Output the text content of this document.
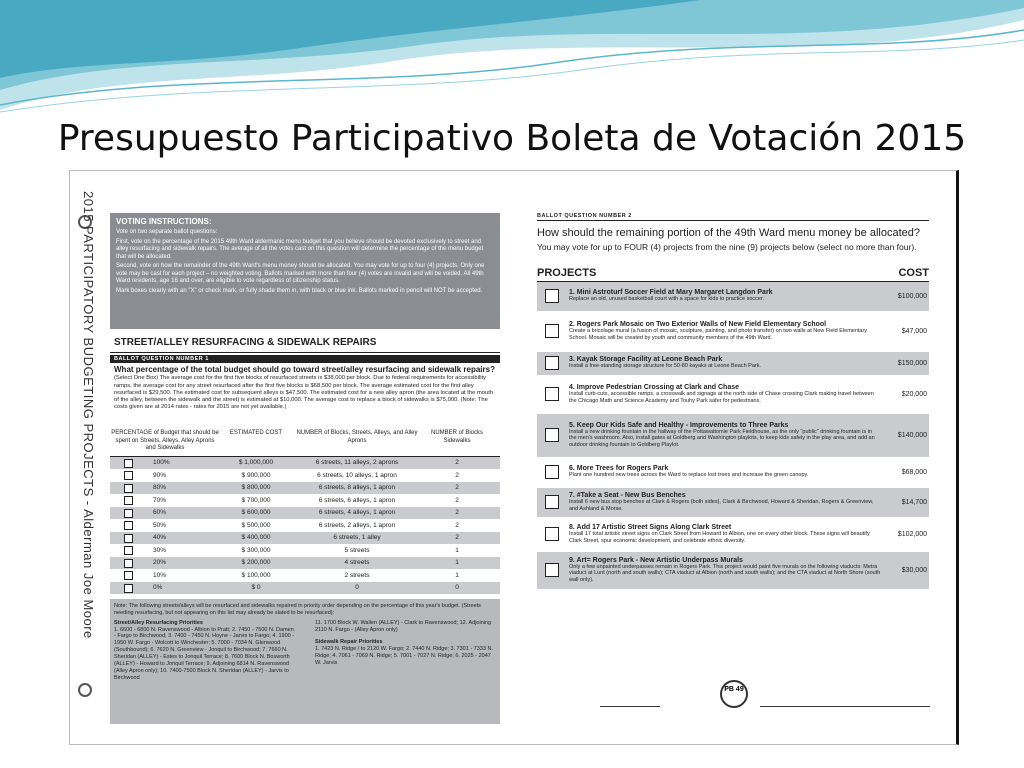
Presupuesto Participativo Boleta de Votación 2015
2015 PARTICIPATORY BUDGETING PROJECTS - Alderman Joe Moore	VOTING INSTRUCTIONS:

Vote on two separate ballot questions:

First, vote on the percentage of the 2015 49th Ward aldermanic menu budget that you believe should be devoted exclusively to street and alley resurfacing and sidewalk repairs. The average of all the votes cast on this question will determine the percentage of the menu budget that will be allocated.

Second, vote on how the remainder of the 49th Ward's menu money should be allocated. You may vote for up to four (4) projects. Only one vote may be cast for each project – no weighted voting. Ballots marked with more than four (4) votes are invalid and will be voided. All 49th Ward residents, age 16 and over, are eligible to vote regardless of citizenship status.

Mark boxes clearly with an "X" or check mark, or fully shade them in, with black or blue ink. Ballots marked in pencil will NOT be accepted.

STREET/ALLEY RESURFACING & SIDEWALK REPAIRS
BALLOT QUESTION NUMBER 1
What percentage of the total budget should go toward street/alley resurfacing and sidewalk repairs?
(Select One Box) The average cost for the first five blocks of resurfaced streets is $38,000 per block. Due to federal requirements for accessibility ramps, the average cost for any street resurfaced after the first five blocks is $68,500 per block. The average estimated cost for the first alley resurfaced is $29,500. The estimated cost for subsequent alleys is $47,500. The estimated cost for a new alley apron (the area located at the mouth of the alley, between the sidewalk and the street) is estimated at $10,000. The average cost to replace a block of sidewalks is $75,000. (Note: The costs given are at 2014 rates - rates for 2015 are not yet available.)
PERCENTAGE of Budget that should be spent on Streets, Alleys, Alley Aprons and Sidewalks
ESTIMATED COST	NUMBER of Blocks, Streets, Alleys, and Alley Aprons
NUMBER of Blocks Sidewalks
100%	$ 1,000,000	6 streets, 11 alleys, 2 aprons	2
90%	$ 900,000	6 streets, 10 alleys, 1 apron	2
80%	$ 800,000	6 streets, 8 alleys, 1 apron	2
70%	$ 700,000	6 streets, 6 alleys, 1 apron	2
60%	$ 600,000	6 streets, 4 alleys, 1 apron	2
50%	$ 500,000	6 streets, 2 alleys, 1 apron	2
40%	$ 400,000	6 streets, 1 alley	2
30%	$ 300,000	5 streets	1
20%	$ 200,000	4 streets	1
10%	$ 100,000	2 streets	1
0%	$ 0	0	0
Note: The following streets/alleys will be resurfaced and sidewalks repaired in priority order depending on the percentage of this year's budget. (Streets needing resurfacing, but not appearing on this list may already be slated to be resurfaced):
Street/Alley Resurfacing Priorities
1. 6600 - 6800 N. Ravenswood - Albion to Pratt; 2. 7450 - 7500 N. Damen - Fargo to Birchwood; 3. 7400 - 7450 N. Hoyne - Jarvis to Fargo; 4. 1900 - 1950 W. Fargo - Wolcott to Winchester; 5. 7000 - 7034 N. Glenwood (Southbound); 6. 7620 N. Greenview - Jonquil to Birchwood; 7. 7660 N. Sheridan (ALLEY) - Estes to Jonquil Terrace; 8. 7600 Block N. Bosworth (ALLEY) - Howard to Jonquil Terrace; 9. Adjoining 6814 N. Ravenswood (Alley Apron only); 10. 7400-7500 Block N. Sheridan (ALLEY) - Jarvis to Birchwood
11. 1700 Block W. Wallen (ALLEY) - Clark to Ravenswood; 12. Adjoining 2110 N. Fargo - (Alley Apron only)
Sidewalk Repair Priorities
1. 7423 N. Ridge / to 2120 W. Fargo; 2. 7440 N. Ridge; 3. 7301 - 7333 N. Ridge; 4. 7061 - 7069 N. Ridge; 5. 7001 - 7027 N. Ridge; 6. 2025 - 2047 W. Jarvis
BALLOT QUESTION NUMBER 2
How should the remaining portion of the 49th Ward menu money be allocated?
You may vote for up to FOUR (4) projects from the nine (9) projects below (select no more than four).
PROJECTS	COST
1. Mini Astroturf Soccer Field at Mary Margaret Langdon Park
Replace an old, unused basketball court with a space for kids to practice soccer.	$100,000
2. Rogers Park Mosaic on Two Exterior Walls of New Field Elementary School
Create a bricolage mural (a fusion of mosaic, sculpture, painting, and photo transfer) on two walls at New Field Elementary School. Mosaic will be created by youth and community members of the 49th Ward.
$47,000
3. Kayak Storage Facility at Leone Beach Park
Install a free-standing storage structure for 50-80 kayaks at Leone Beach Park.	$150,000
4. Improve Pedestrian Crossing at Clark and Chase
Install curb-cuts, accessible ramps, a crosswalk and signage at the north side of Chase crossing Clark making travel between the Chicago Math and Science Academy and Touhy Park safer for pedestrians.
$20,000
5. Keep Our Kids Safe and Healthy - Improvements to Three Parks
Install a new drinking fountain in the hallway of the Pottawattomie Park Fieldhouse, as the only "public" drinking fountain is in the men's washroom. Also, install gates at Goldberg and Washington playlots, to keep kids safely in the play area, and add an outdoor drinking fountain to Goldberg Playlot.
$140,000
6. More Trees for Rogers Park
Plant one hundred new trees across the Ward to replace lost trees and increase the green canopy.	$68,000
7. #Take a Seat - New Bus Benches
Install 6 new bus stop benches at Clark & Rogers (both sides), Clark & Birchwood, Howard & Sheridan, Rogers & Greenview, and Ashland & Morse.
$14,700
8. Add 17 Artistic Street Signs Along Clark Street
Install 17 total artistic street signs on Clark Street from Howard to Albion, one on every other block. These signs will beautify Clark Street, spur economic development, and celebrate ethnic diversity.
$102,000
9. Art= Rogers Park - New Artistic Underpass Murals
Only a few unpainted underpasses remain in Rogers Park. This project would paint five murals on the following viaducts: Metra viaduct at Lunt (north and south walls); CTA viaduct at Albion (north and south walls); and the CTA viaduct at North Shore (south wall only).
$30,000
PB 49
